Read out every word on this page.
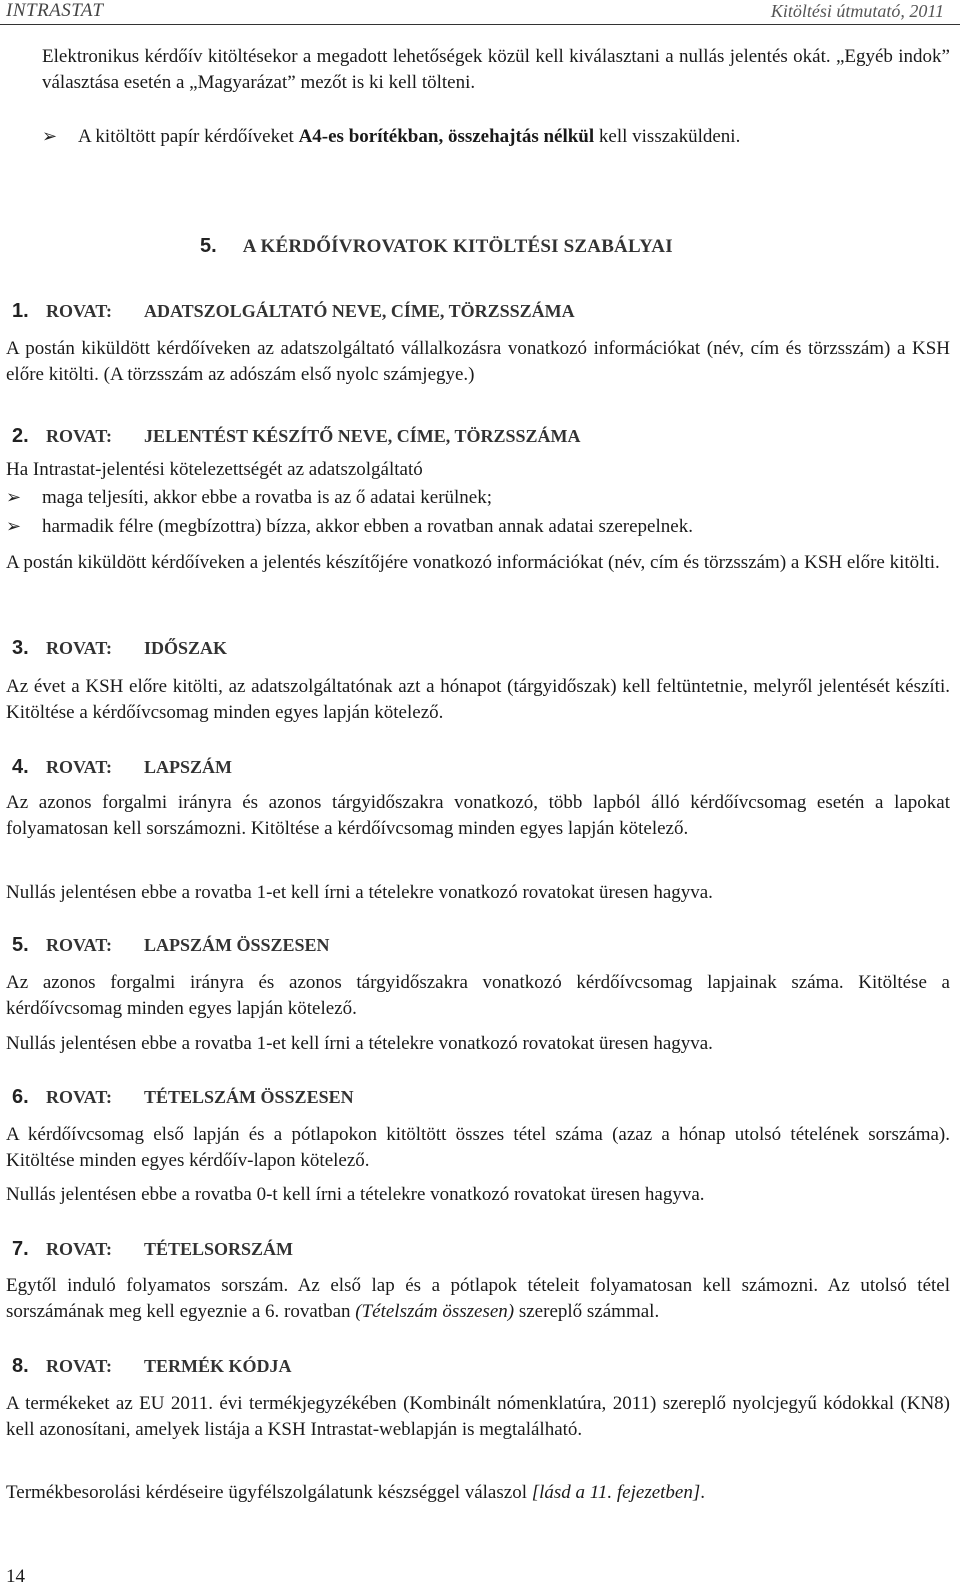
INTRASTAT	Kitöltési útmutató, 2011

Elektronikus kérdőív kitöltésekor a megadott lehetőségek közül kell kiválasztani a nullás jelentés okát. „Egyéb indok” választása esetén a „Magyarázat” mezőt is ki kell tölteni.

➢ A kitöltött papír kérdőíveket A4-es borítékban, összehajtás nélkül kell visszaküldeni.

5. A KÉRDŐÍVROVATOK KITÖLTÉSI SZABÁLYAI
1. ROVAT: ADATSZOLGÁLTATÓ NEVE, CÍME, TÖRZSSZÁMA

A postán kiküldött kérdőíveken az adatszolgáltató vállalkozásra vonatkozó információkat (név, cím és törzsszám) a KSH előre kitölti. (A törzsszám az adószám első nyolc számjegye.)

2. ROVAT: JELENTÉST KÉSZÍTŐ NEVE, CÍME, TÖRZSSZÁMA

Ha Intrastat-jelentési kötelezettségét az adatszolgáltató

➢ maga teljesíti, akkor ebbe a rovatba is az ő adatai kerülnek;

➢ harmadik félre (megbízottra) bízza, akkor ebben a rovatban annak adatai szerepelnek.

A postán kiküldött kérdőíveken a jelentés készítőjére vonatkozó információkat (név, cím és törzsszám) a KSH előre kitölti.

3. ROVAT: IDŐSZAK

Az évet a KSH előre kitölti, az adatszolgáltatónak azt a hónapot (tárgyidőszak) kell feltüntetnie, melyről jelentését készíti. Kitöltése a kérdőívcsomag minden egyes lapján kötelező.

4. ROVAT: LAPSZÁM

Az azonos forgalmi irányra és azonos tárgyidőszakra vonatkozó, több lapból álló kérdőívcsomag esetén a lapokat folyamatosan kell sorszámozni. Kitöltése a kérdőívcsomag minden egyes lapján kötelező.

Nullás jelentésen ebbe a rovatba 1-et kell írni a tételekre vonatkozó rovatokat üresen hagyva.

5. ROVAT: LAPSZÁM ÖSSZESEN

Az azonos forgalmi irányra és azonos tárgyidőszakra vonatkozó kérdőívcsomag lapjainak száma. Kitöltése a kérdőívcsomag minden egyes lapján kötelező.

Nullás jelentésen ebbe a rovatba 1-et kell írni a tételekre vonatkozó rovatokat üresen hagyva.

6. ROVAT: TÉTELSZÁM ÖSSZESEN

A kérdőívcsomag első lapján és a pótlapokon kitöltött összes tétel száma (azaz a hónap utolsó tételének sorszáma). Kitöltése minden egyes kérdőív-lapon kötelező.

Nullás jelentésen ebbe a rovatba 0-t kell írni a tételekre vonatkozó rovatokat üresen hagyva.

7. ROVAT: TÉTELSORSZÁM

Egytől induló folyamatos sorszám. Az első lap és a pótlapok tételeit folyamatosan kell számozni. Az utolsó tétel sorszámának meg kell egyeznie a 6. rovatban (Tételszám összesen) szereplő számmal.

8. ROVAT: TERMÉK KÓDJA

A termékeket az EU 2011. évi termékjegyzékében (Kombinált nómenklatúra, 2011) szereplő nyolcjegyű kódokkal (KN8) kell azonosítani, amelyek listája a KSH Intrastat-weblapján is megtalálható.

Termékbesorolási kérdéseire ügyfélszolgálatunk készséggel válaszol [lásd a 11. fejezetben].

14
